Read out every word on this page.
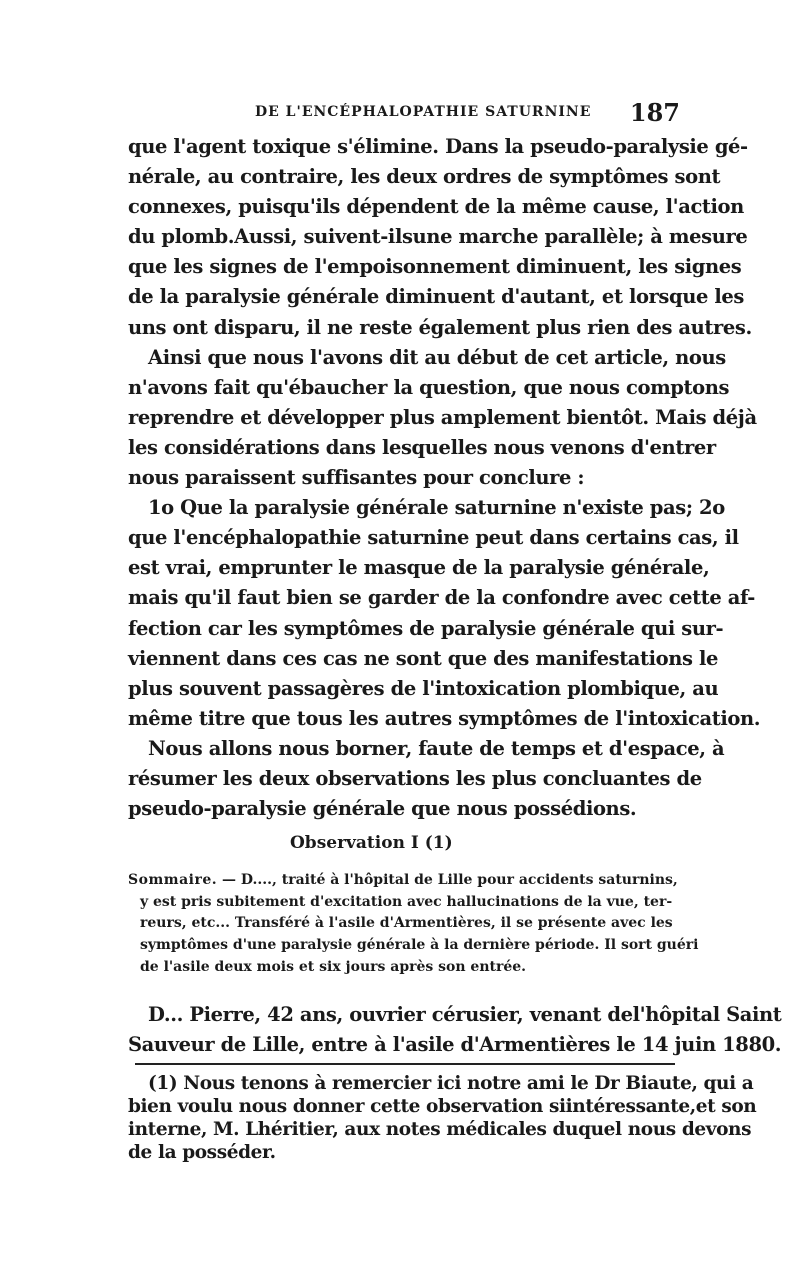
DE L'ENCÉPHALOPATHIE SATURNINE 187
que l'agent toxique s'élimine. Dans la pseudo-paralysie gé-
nérale, au contraire, les deux ordres de symptômes sont
connexes, puisqu'ils dépendent de la même cause, l'action
du plomb.Aussi, suivent-ilsune marche parallèle; à mesure
que les signes de l'empoisonnement diminuent, les signes
de la paralysie générale diminuent d'autant, et lorsque les
uns ont disparu, il ne reste également plus rien des autres.
Ainsi que nous l'avons dit au début de cet article, nous
n'avons fait qu'ébaucher la question, que nous comptons
reprendre et développer plus amplement bientôt. Mais déjà
les considérations dans lesquelles nous venons d'entrer
nous paraissent suffisantes pour conclure :
1o Que la paralysie générale saturnine n'existe pas; 2o
que l'encéphalopathie saturnine peut dans certains cas, il
est vrai, emprunter le masque de la paralysie générale,
mais qu'il faut bien se garder de la confondre avec cette af-
fection car les symptômes de paralysie générale qui sur-
viennent dans ces cas ne sont que des manifestations le
plus souvent passagères de l'intoxication plombique, au
même titre que tous les autres symptômes de l'intoxication.
Nous allons nous borner, faute de temps et d'espace, à
résumer les deux observations les plus concluantes de
pseudo-paralysie générale que nous possédions.
Observation I (1)
Sommaire. — D...., traité à l'hôpital de Lille pour accidents saturnins,
y est pris subitement d'excitation avec hallucinations de la vue, ter-
reurs, etc... Transféré à l'asile d'Armentières, il se présente avec les
symptômes d'une paralysie générale à la dernière période. Il sort guéri
de l'asile deux mois et six jours après son entrée.
D... Pierre, 42 ans, ouvrier cérusier, venant del'hôpital Saint
Sauveur de Lille, entre à l'asile d'Armentières le 14 juin 1880.
(1) Nous tenons à remercier ici notre ami le Dr Biaute, qui a
bien voulu nous donner cette observation siintéressante,et son
interne, M. Lhéritier, aux notes médicales duquel nous devons
de la posséder.
